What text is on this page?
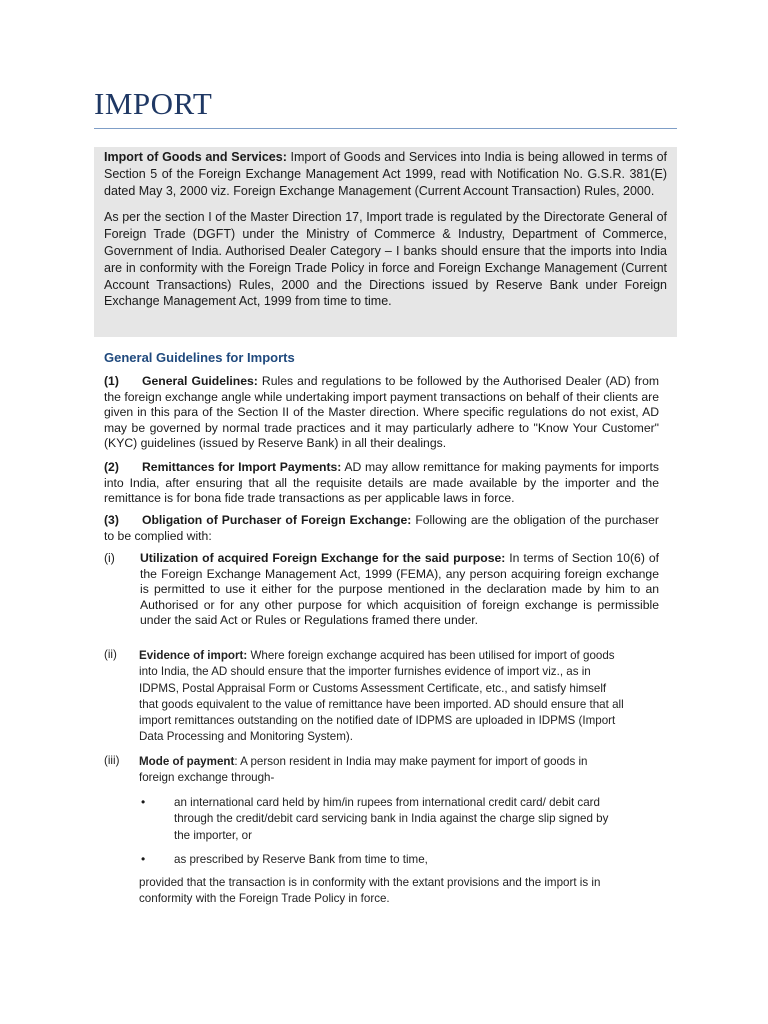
IMPORT

Import of Goods and Services: Import of Goods and Services into India is being allowed in terms of Section 5 of the Foreign Exchange Management Act 1999, read with Notification No. G.S.R. 381(E) dated May 3, 2000 viz. Foreign Exchange Management (Current Account Transaction) Rules, 2000.

As per the section I of the Master Direction 17, Import trade is regulated by the Directorate General of Foreign Trade (DGFT) under the Ministry of Commerce & Industry, Department of Commerce, Government of India. Authorised Dealer Category – I banks should ensure that the imports into India are in conformity with the Foreign Trade Policy in force and Foreign Exchange Management (Current Account Transactions) Rules, 2000 and the Directions issued by Reserve Bank under Foreign Exchange Management Act, 1999 from time to time.

General Guidelines for Imports

(1) General Guidelines: Rules and regulations to be followed by the Authorised Dealer (AD) from the foreign exchange angle while undertaking import payment transactions on behalf of their clients are given in this para of the Section II of the Master direction. Where specific regulations do not exist, AD may be governed by normal trade practices and it may particularly adhere to "Know Your Customer" (KYC) guidelines (issued by Reserve Bank) in all their dealings.

(2) Remittances for Import Payments: AD may allow remittance for making payments for imports into India, after ensuring that all the requisite details are made available by the importer and the remittance is for bona fide trade transactions as per applicable laws in force.

(3) Obligation of Purchaser of Foreign Exchange: Following are the obligation of the purchaser to be complied with:

(i) Utilization of acquired Foreign Exchange for the said purpose: In terms of Section 10(6) of the Foreign Exchange Management Act, 1999 (FEMA), any person acquiring foreign exchange is permitted to use it either for the purpose mentioned in the declaration made by him to an Authorised or for any other purpose for which acquisition of foreign exchange is permissible under the said Act or Rules or Regulations framed there under.

(ii) Evidence of import: Where foreign exchange acquired has been utilised for import of goods into India, the AD should ensure that the importer furnishes evidence of import viz., as in IDPMS, Postal Appraisal Form or Customs Assessment Certificate, etc., and satisfy himself that goods equivalent to the value of remittance have been imported. AD should ensure that all import remittances outstanding on the notified date of IDPMS are uploaded in IDPMS (Import Data Processing and Monitoring System).

(iii) Mode of payment: A person resident in India may make payment for import of goods in foreign exchange through-

• an international card held by him/in rupees from international credit card/ debit card through the credit/debit card servicing bank in India against the charge slip signed by the importer, or

• as prescribed by Reserve Bank from time to time,

provided that the transaction is in conformity with the extant provisions and the import is in conformity with the Foreign Trade Policy in force.
